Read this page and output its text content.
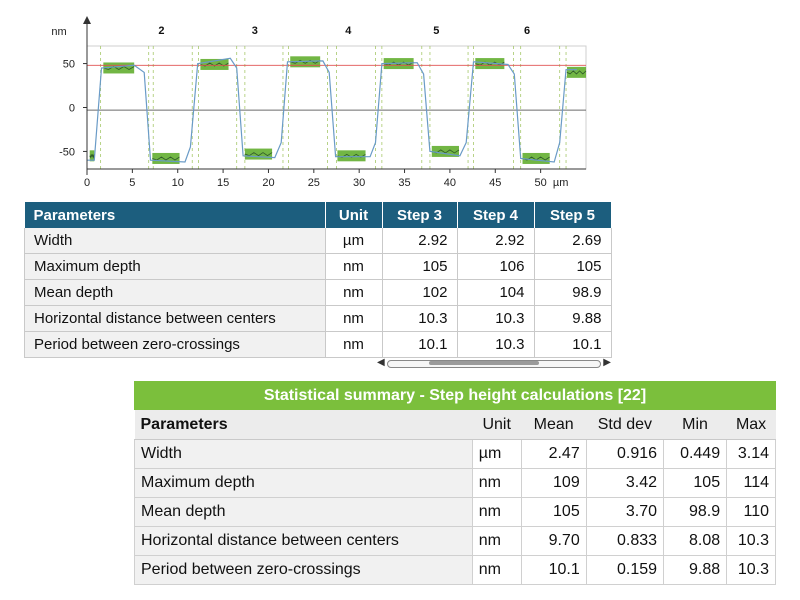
50
0
-50
nm
0	5	10	15	20	25	30	35	40	45	50 µm
2	3	4	5	6
Parameters	Unit	Step 3	Step 4	Step 5
Width	µm	2.92	2.92	2.69
Maximum depth	nm	105	106	105
Mean depth	nm	102	104	98.9
Horizontal distance between centers	nm	10.3	10.3	9.88
Period between zero-crossings	nm	10.1	10.3	10.1
◀	▶
Statistical summary - Step height calculations [22]
Parameters	Unit	Mean	Std dev	Min	Max
Width	µm	2.47	0.916	0.449	3.14
Maximum depth	nm	109	3.42	105	114
Mean depth	nm	105	3.70	98.9	110
Horizontal distance between centers	nm	9.70	0.833	8.08	10.3
Period between zero-crossings	nm	10.1	0.159	9.88	10.3
